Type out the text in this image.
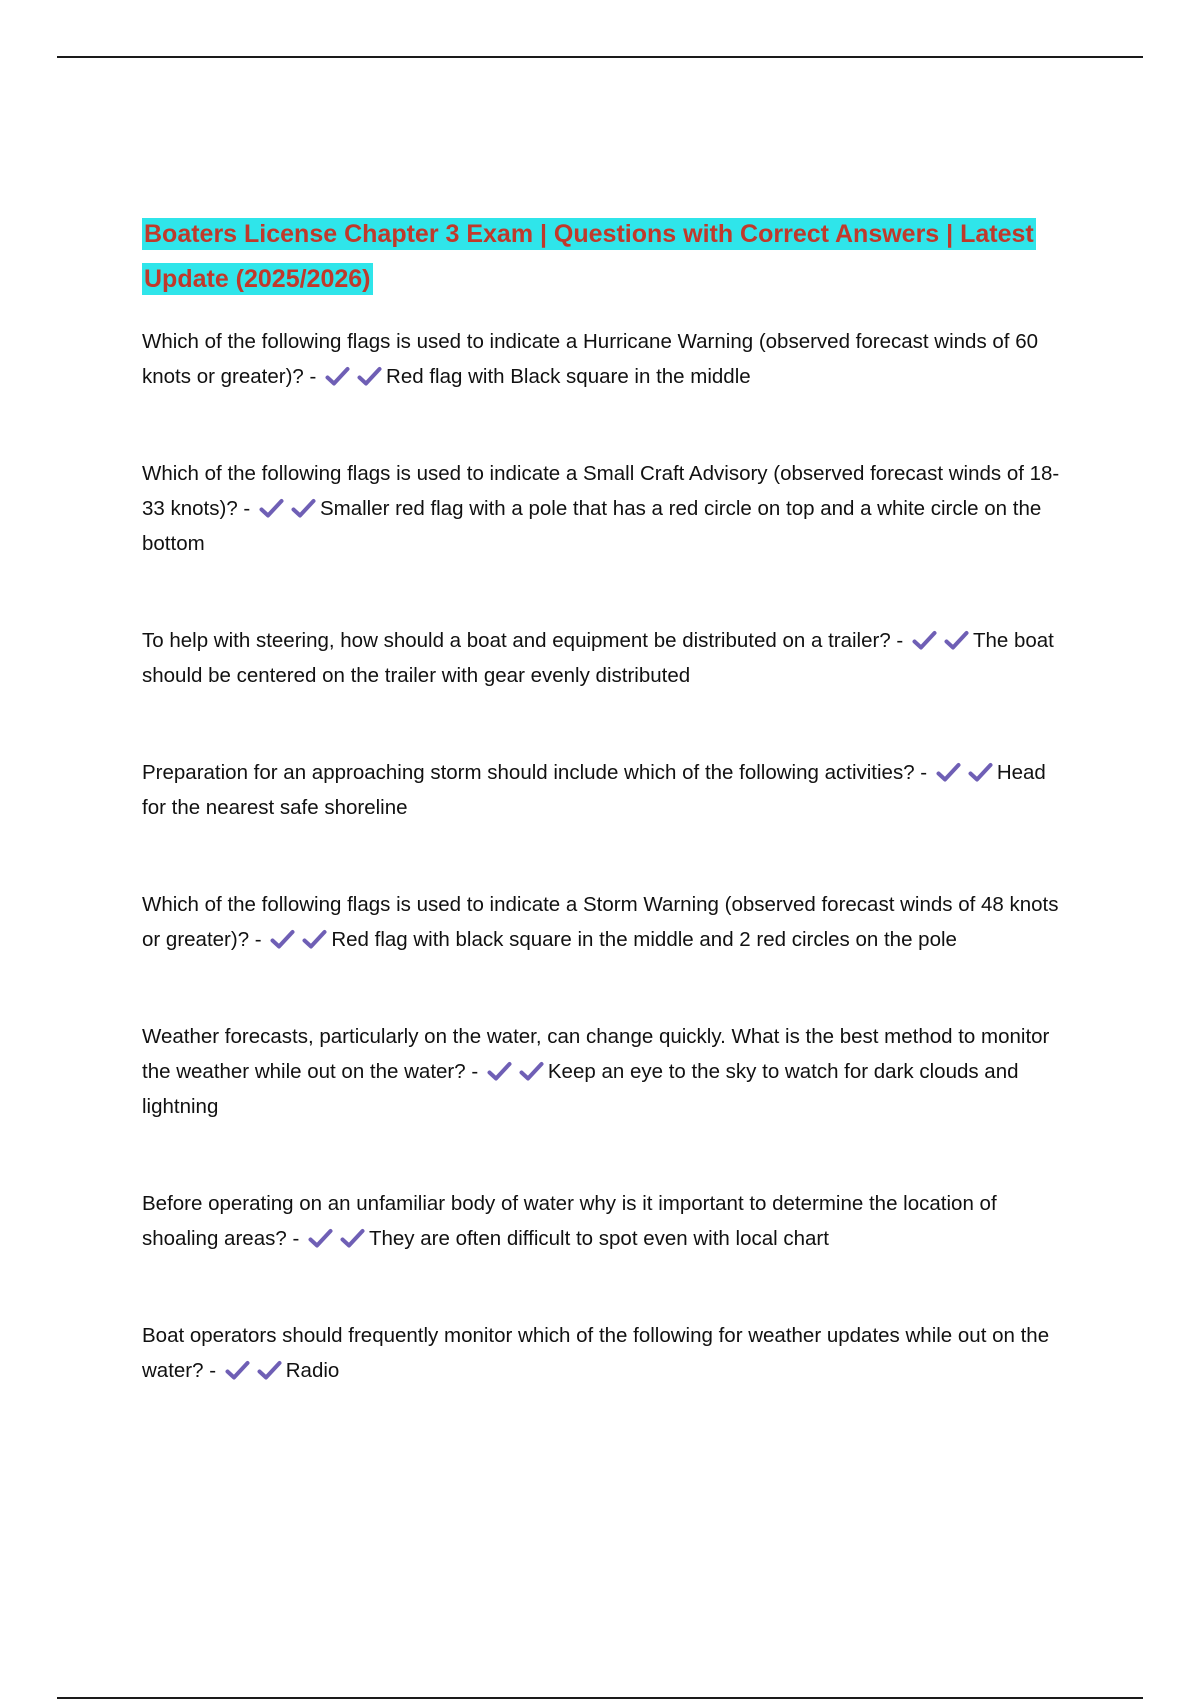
Boaters License Chapter 3 Exam | Questions with Correct Answers | Latest Update (2025/2026)
Which of the following flags is used to indicate a Hurricane Warning (observed forecast winds of 60 knots or greater)? -	Red flag with Black square in the middle
Which of the following flags is used to indicate a Small Craft Advisory (observed forecast winds of 18-33 knots)? -	Smaller red flag with a pole that has a red circle on top and a white circle on the bottom
To help with steering, how should a boat and equipment be distributed on a trailer? -	The boat should be centered on the trailer with gear evenly distributed
Preparation for an approaching storm should include which of the following activities? -	Head for the nearest safe shoreline
Which of the following flags is used to indicate a Storm Warning (observed forecast winds of 48 knots or greater)? -	Red flag with black square in the middle and 2 red circles on the pole
Weather forecasts, particularly on the water, can change quickly. What is the best method to monitor the weather while out on the water? -	Keep an eye to the sky to watch for dark clouds and lightning
Before operating on an unfamiliar body of water why is it important to determine the location of shoaling areas? -	They are often difficult to spot even with local chart
Boat operators should frequently monitor which of the following for weather updates while out on the water? -	Radio
